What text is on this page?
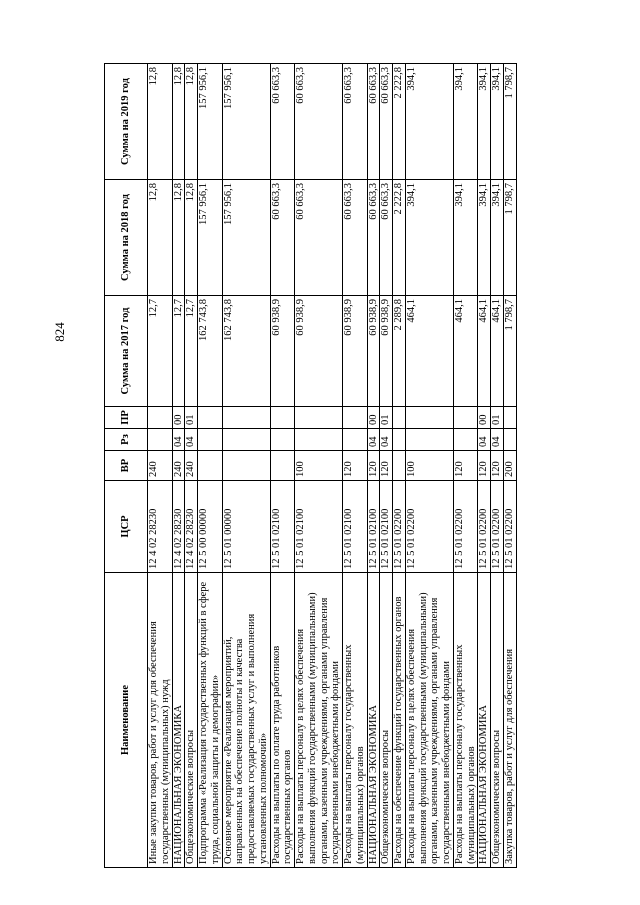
824
Наименование	ЦСР	ВР	Рз	ПР	Сумма на 2017 год	Сумма на 2018 год	Сумма на 2019 год
Иные закупки товаров, работ и услуг для обеспечения государственных (муниципальных) нужд	12 4 02 28230	240			12,7	12,8	12,8
НАЦИОНАЛЬНАЯ ЭКОНОМИКА	12 4 02 28230	240	04	00	12,7	12,8	12,8
Общеэкономические вопросы	12 4 02 28230	240	04	01	12,7	12,8	12,8
Подпрограмма «Реализация государственных функций в сфере труда, социальной защиты и демографии»	12 5 00 00000				162 743,8	157 956,1	157 956,1
Основное мероприятие «Реализация мероприятий, направленных на обеспечение полноты и качества предоставляемых государственных услуг и выполнения установленных полномочий»	12 5 01 00000				162 743,8	157 956,1	157 956,1
Расходы на выплаты по оплате труда работников государственных органов	12 5 01 02100				60 938,9	60 663,3	60 663,3
Расходы на выплаты персоналу в целях обеспечения выполнения функций государственными (муниципальными) органами, казенными учреждениями, органами управления государственными внебюджетными фондами	12 5 01 02100	100			60 938,9	60 663,3	60 663,3
Расходы на выплаты персоналу государственных (муниципальных) органов	12 5 01 02100	120			60 938,9	60 663,3	60 663,3
НАЦИОНАЛЬНАЯ ЭКОНОМИКА	12 5 01 02100	120	04	00	60 938,9	60 663,3	60 663,3
Общеэкономические вопросы	12 5 01 02100	120	04	01	60 938,9	60 663,3	60 663,3
Расходы на обеспечение функций государственных органов	12 5 01 02200				2 289,8	2 222,8	2 222,8
Расходы на выплаты персоналу в целях обеспечения выполнения функций государственными (муниципальными) органами, казенными учреждениями, органами управления государственными внебюджетными фондами	12 5 01 02200	100			464,1	394,1	394,1
Расходы на выплаты персоналу государственных (муниципальных) органов	12 5 01 02200	120			464,1	394,1	394,1
НАЦИОНАЛЬНАЯ ЭКОНОМИКА	12 5 01 02200	120	04	00	464,1	394,1	394,1
Общеэкономические вопросы	12 5 01 02200	120	04	01	464,1	394,1	394,1
Закупка товаров, работ и услуг для обеспечения	12 5 01 02200	200			1 798,7	1 798,7	1 798,7
